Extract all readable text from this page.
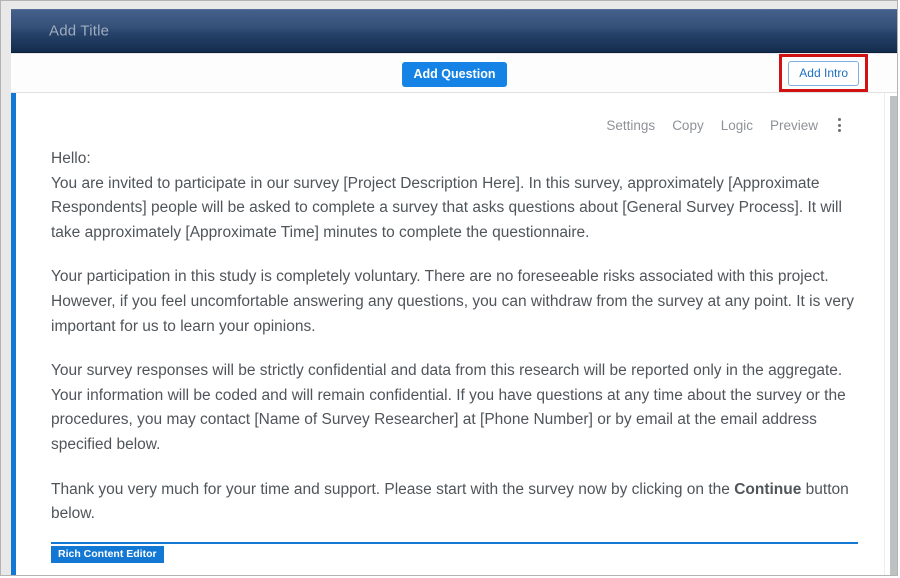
Add Title
Add Question	Add Intro
Settings Copy Logic Preview
Hello:
You are invited to participate in our survey [Project Description Here]. In this survey, approximately [Approximate Respondents] people will be asked to complete a survey that asks questions about [General Survey Process]. It will take approximately [Approximate Time] minutes to complete the questionnaire.
Your participation in this study is completely voluntary. There are no foreseeable risks associated with this project. However, if you feel uncomfortable answering any questions, you can withdraw from the survey at any point. It is very important for us to learn your opinions.
Your survey responses will be strictly confidential and data from this research will be reported only in the aggregate. Your information will be coded and will remain confidential. If you have questions at any time about the survey or the procedures, you may contact [Name of Survey Researcher] at [Phone Number] or by email at the email address specified below.
Thank you very much for your time and support. Please start with the survey now by clicking on the Continue button below.
Rich Content Editor
